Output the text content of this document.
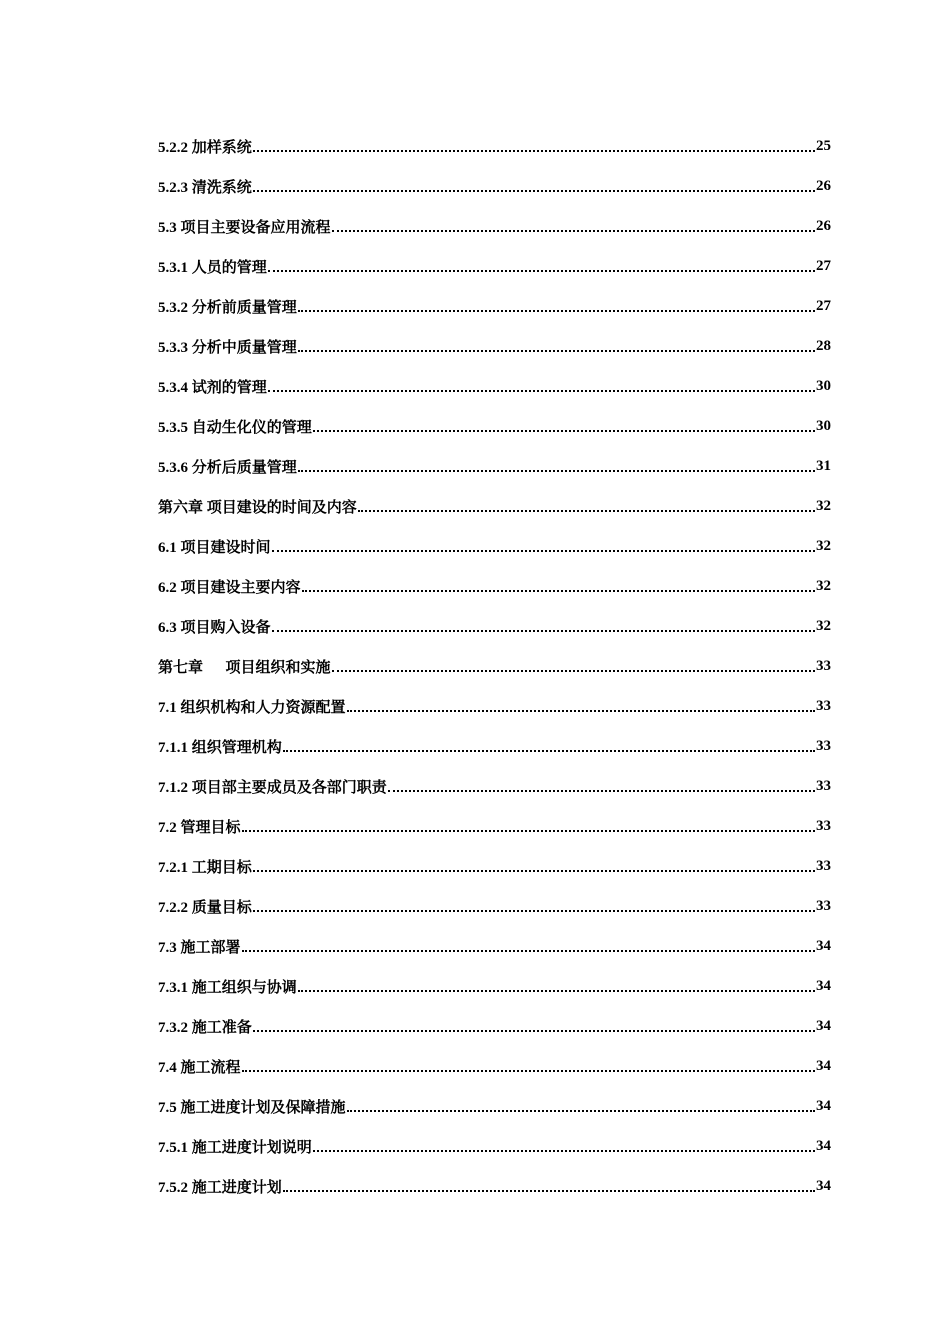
5.2.2 加样系统	25
5.2.3 清洗系统	26
5.3 项目主要设备应用流程	26
5.3.1 人员的管理	27
5.3.2 分析前质量管理	27
5.3.3 分析中质量管理	28
5.3.4 试剂的管理	30
5.3.5 自动生化仪的管理	30
5.3.6 分析后质量管理	31
第六章 项目建设的时间及内容	32
6.1 项目建设时间	32
6.2 项目建设主要内容	32
6.3 项目购入设备	32
第七章      项目组织和实施	33
7.1 组织机构和人力资源配置	33
7.1.1 组织管理机构	33
7.1.2 项目部主要成员及各部门职责	33
7.2 管理目标	33
7.2.1 工期目标	33
7.2.2 质量目标	33
7.3 施工部署	34
7.3.1 施工组织与协调	34
7.3.2 施工准备	34
7.4 施工流程	34
7.5 施工进度计划及保障措施	34
7.5.1 施工进度计划说明	34
7.5.2 施工进度计划	34
